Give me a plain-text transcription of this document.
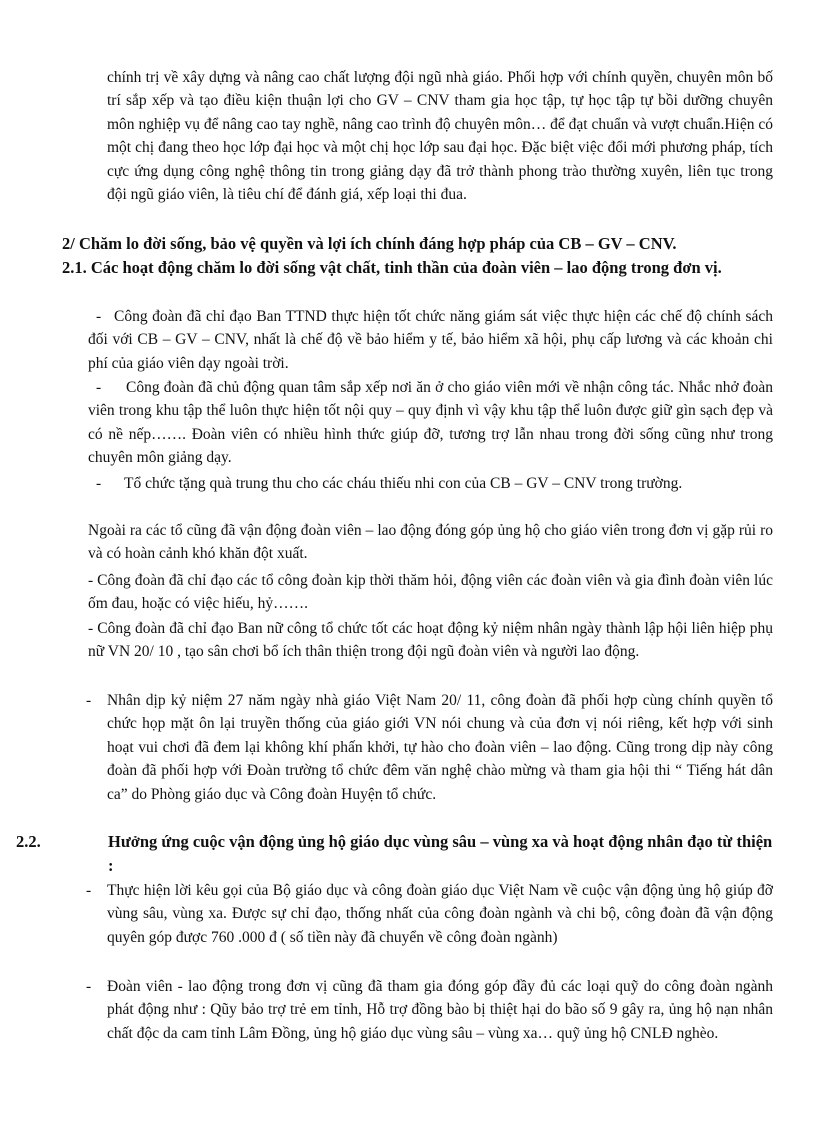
chính trị về xây dựng và nâng cao chất lượng đội ngũ nhà giáo. Phối hợp với chính quyền, chuyên môn bố trí sắp xếp và tạo điều kiện thuận lợi cho GV – CNV tham gia học tập, tự học tập tự bồi dưỡng chuyên môn nghiệp vụ để nâng cao tay nghề, nâng cao trình độ chuyên môn… để đạt chuẩn và vượt chuẩn.Hiện có một chị đang theo học lớp đại học và một chị học lớp sau đại học. Đặc biệt việc đổi mới phương pháp, tích cực ứng dụng công nghệ thông tin trong giảng dạy đã trở thành phong trào thường xuyên, liên tục trong đội ngũ giáo viên, là tiêu chí để đánh giá, xếp loại thi đua.

2/ Chăm lo đời sống, bảo vệ quyền và lợi ích chính đáng hợp pháp của CB – GV – CNV.

2.1. Các hoạt động chăm lo đời sống vật chất, tinh thần của đoàn viên – lao động trong đơn vị.

- Công đoàn đã chỉ đạo Ban TTND thực hiện tốt chức năng giám sát việc thực hiện các chế độ chính sách đối với CB – GV – CNV, nhất là chế độ về bảo hiểm y tế, bảo hiểm xã hội, phụ cấp lương và các khoản chi phí của giáo viên dạy ngoài trời.

-	Công đoàn đã chủ động quan tâm sắp xếp nơi ăn ở cho giáo viên mới về nhận công tác. Nhắc nhở đoàn viên trong khu tập thể luôn thực hiện tốt nội quy – quy định vì vậy khu tập thể luôn được giữ gìn sạch đẹp và có nề nếp……. Đoàn viên có nhiều hình thức giúp đỡ, tương trợ lẫn nhau trong đời sống cũng như trong chuyên môn giảng dạy.

-	Tổ chức tặng quà trung thu cho các cháu thiếu nhi con của CB – GV – CNV trong trường.

Ngoài ra các tổ cũng đã vận động đoàn viên – lao động đóng góp ủng hộ cho giáo viên trong đơn vị gặp rủi ro và có hoàn cảnh khó khăn đột xuất.

- Công đoàn đã chỉ đạo các tổ công đoàn kịp thời thăm hỏi, động viên các đoàn viên và gia đình đoàn viên lúc ốm đau, hoặc có việc hiếu, hỷ…….

- Công đoàn đã chỉ đạo Ban nữ công tổ chức tốt các hoạt động kỷ niệm nhân ngày thành lập hội liên hiệp phụ nữ VN 20/ 10 , tạo sân chơi bổ ích thân thiện trong đội ngũ đoàn viên và người lao động.

- Nhân dịp kỷ niệm 27 năm ngày nhà giáo Việt Nam 20/ 11, công đoàn đã phối hợp cùng chính quyền tổ chức họp mặt ôn lại truyền thống của giáo giới VN nói chung và của đơn vị nói riêng, kết hợp với sinh hoạt vui chơi đã đem lại không khí phấn khởi, tự hào cho đoàn viên – lao động. Cũng trong dịp này công đoàn đã phối hợp với Đoàn trường tổ chức đêm văn nghệ chào mừng và tham gia hội thi “ Tiếng hát dân ca” do Phòng giáo dục và Công đoàn Huyện tổ chức.

2.2.	Hưởng ứng cuộc vận động ủng hộ giáo dục vùng sâu – vùng xa và hoạt động nhân đạo từ thiện :

- Thực hiện lời kêu gọi của Bộ giáo dục và công đoàn giáo dục Việt Nam về cuộc vận động ủng hộ giúp đỡ vùng sâu, vùng xa. Được sự chỉ đạo, thống nhất của công đoàn ngành và chi bộ, công đoàn đã vận động quyên góp được 760 .000 đ ( số tiền này đã chuyển về công đoàn ngành)

- Đoàn viên - lao động trong đơn vị cũng đã tham gia đóng góp đầy đủ các loại quỹ do công đoàn ngành phát động như : Qũy bảo trợ trẻ em tỉnh, Hỗ trợ đồng bào bị thiệt hại do bão số 9 gây ra, ủng hộ nạn nhân chất độc da cam tỉnh Lâm Đồng, ủng hộ giáo dục vùng sâu – vùng xa… quỹ ủng hộ CNLĐ nghèo.
